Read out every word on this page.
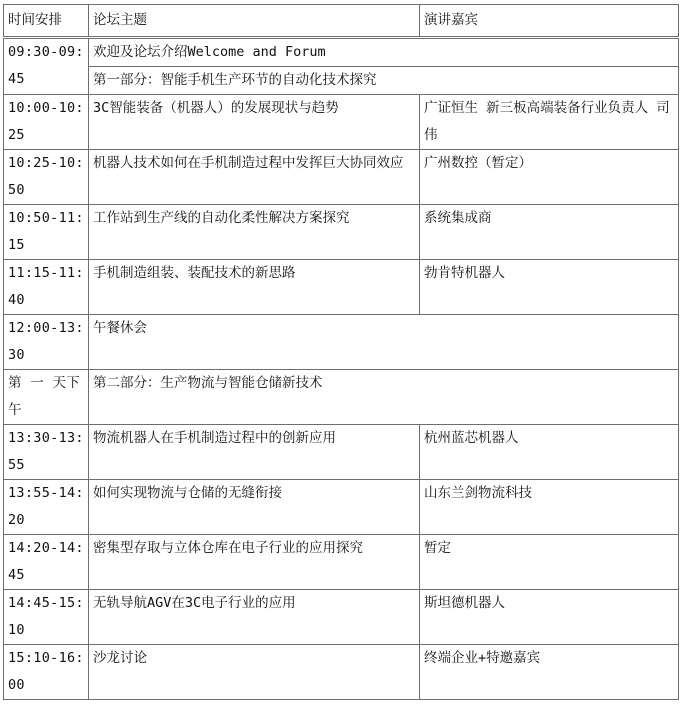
时间安排	论坛主题	演讲嘉宾
09:30-09:45	欢迎及论坛介绍Welcome and Forum	
	第一部分：智能手机生产环节的自动化技术探究	
10:00-10:25	3C智能装备（机器人）的发展现状与趋势	广证恒生 新三板高端装备行业负责人 司伟
10:25-10:50	机器人技术如何在手机制造过程中发挥巨大协同效应	广州数控（暂定）
10:50-11:15	工作站到生产线的自动化柔性解决方案探究	系统集成商
11:15-11:40	手机制造组装、装配技术的新思路	勃肯特机器人
12:00-13:30	午餐休会	
第 一 天下午	第二部分：生产物流与智能仓储新技术	
13:30-13:55	物流机器人在手机制造过程中的创新应用	杭州蓝芯机器人
13:55-14:20	如何实现物流与仓储的无缝衔接	山东兰剑物流科技
14:20-14:45	密集型存取与立体仓库在电子行业的应用探究	暂定
14:45-15:10	无轨导航AGV在3C电子行业的应用	斯坦德机器人
15:10-16: 00	沙龙讨论	终端企业+特邀嘉宾
